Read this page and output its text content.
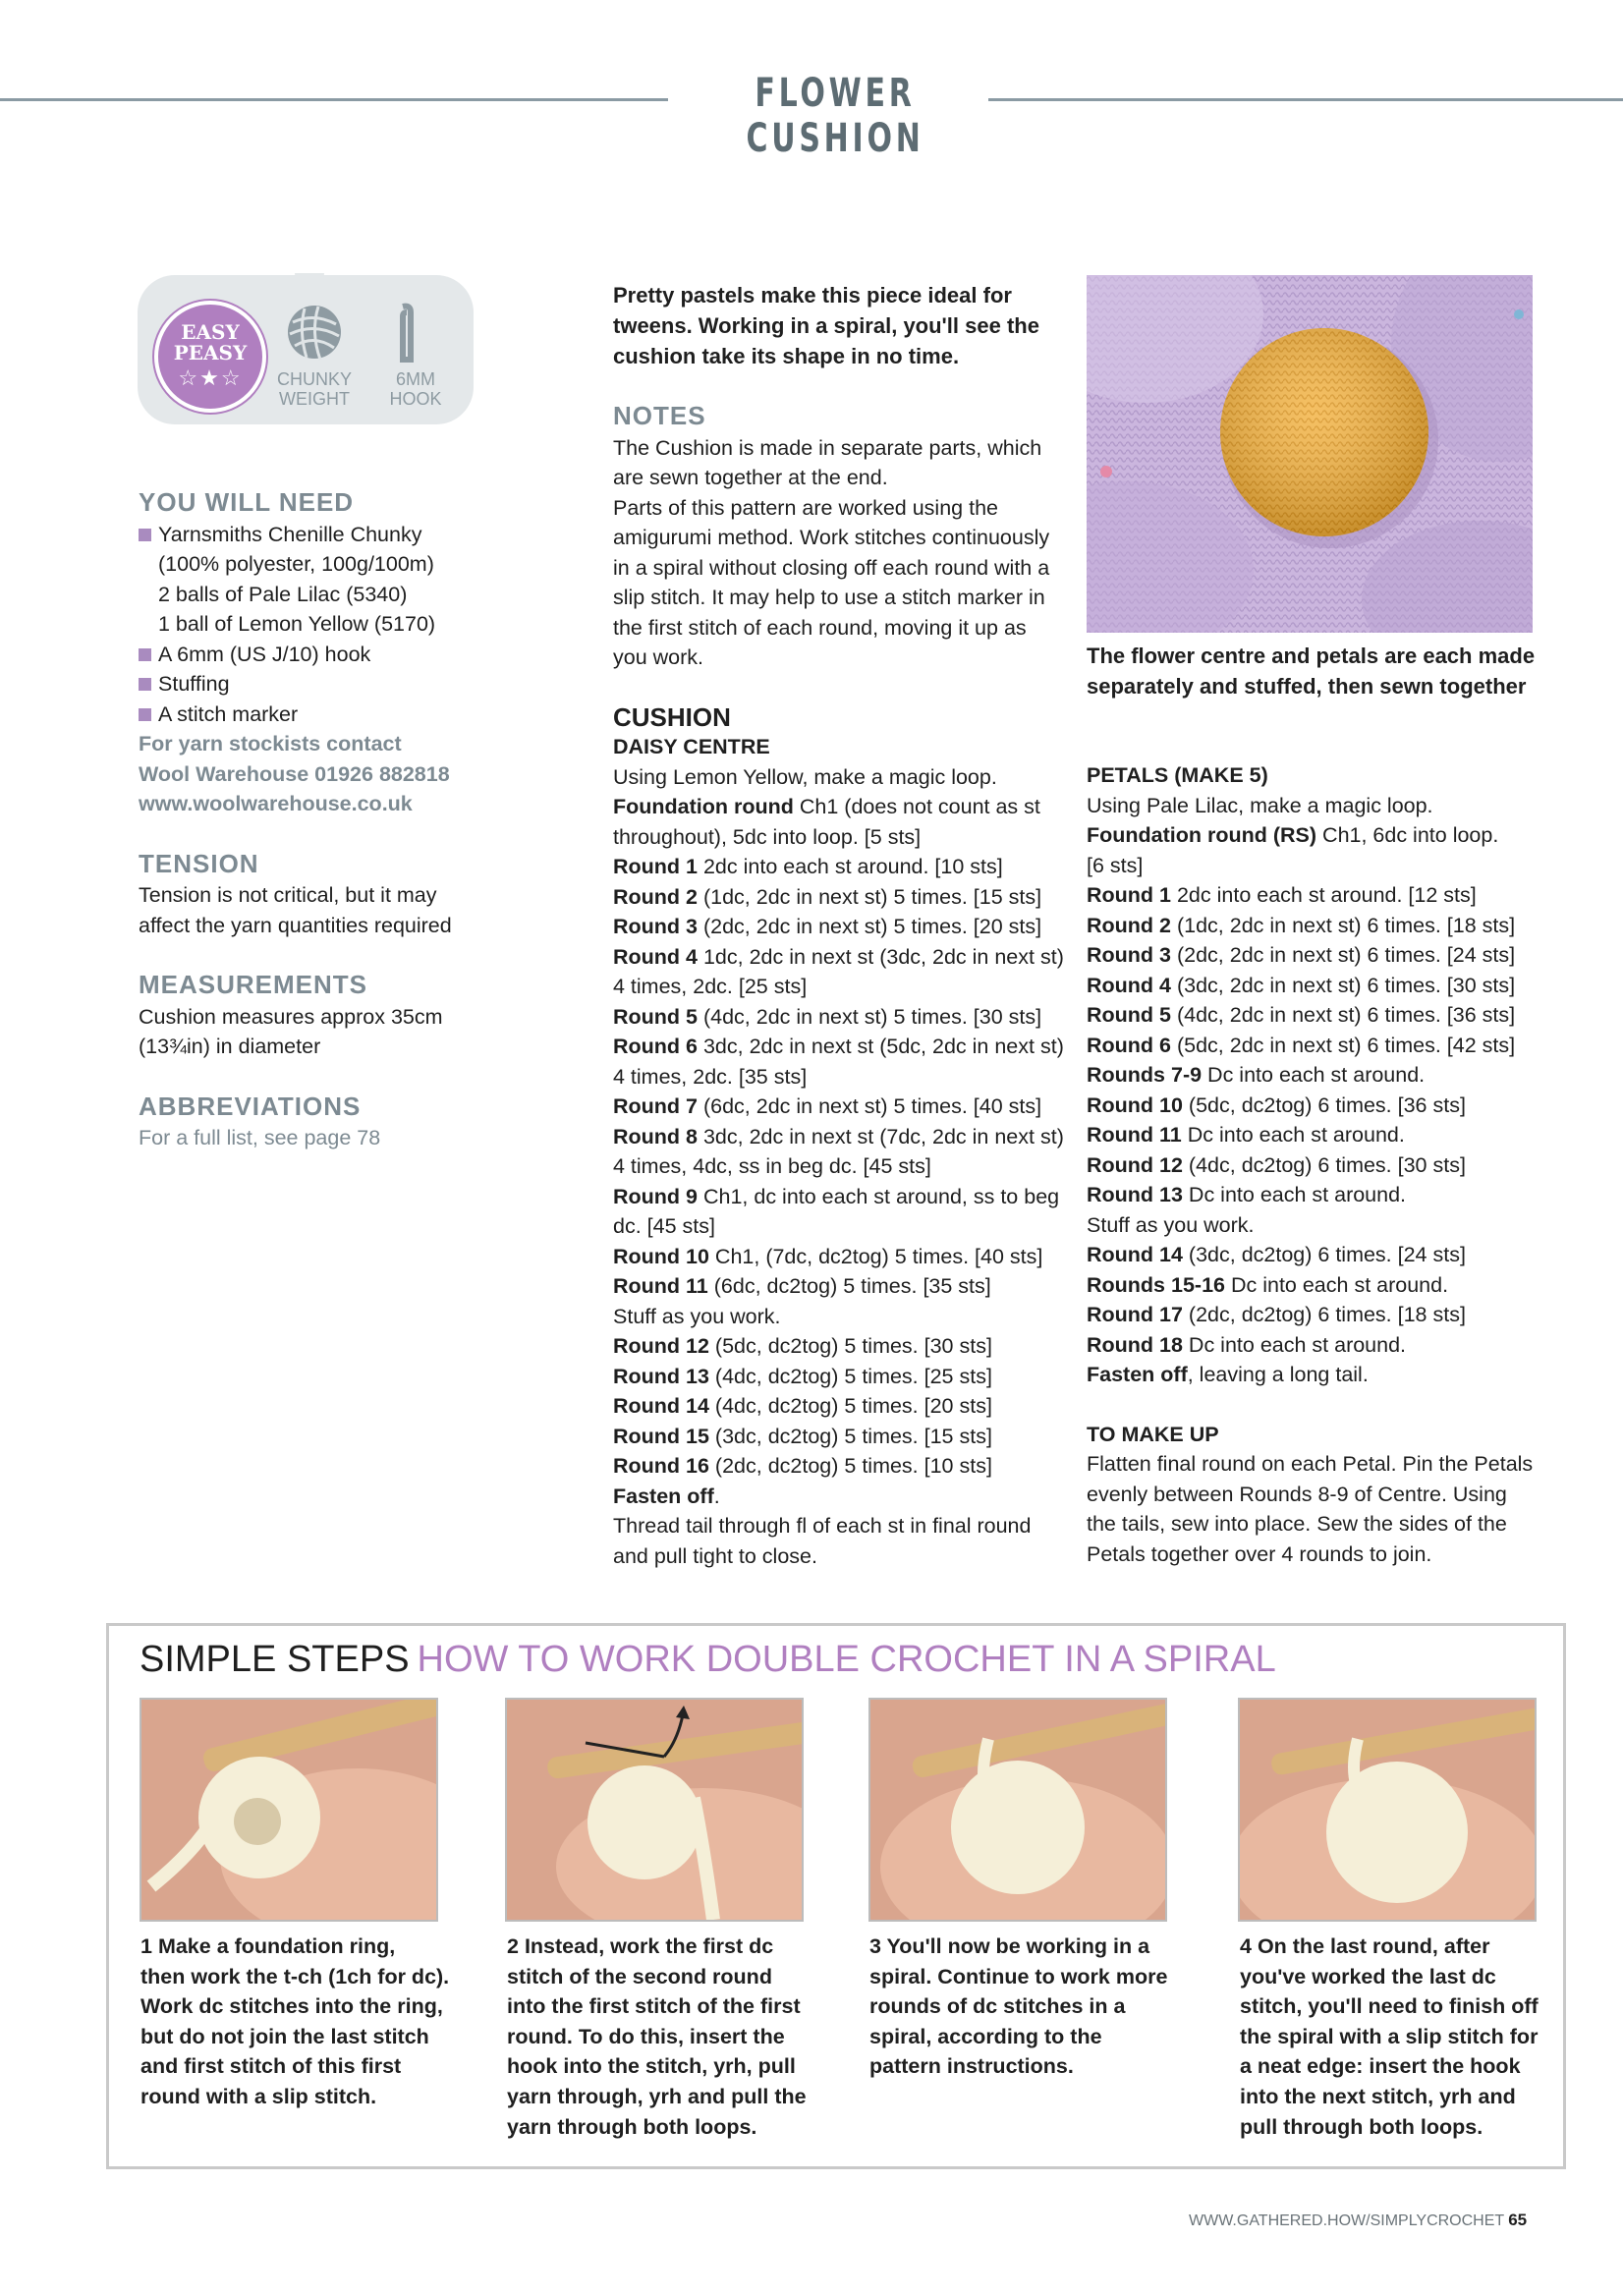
FLOWER CUSHION
EASY PEASY
☆★☆	CHUNKY WEIGHT
6MM HOOK

YOU WILL NEED

Yarnsmiths Chenille Chunky

(100% polyester, 100g/100m)

2 balls of Pale Lilac (5340)

1 ball of Lemon Yellow (5170)

A 6mm (US J/10) hook

Stuffing

A stitch marker

For yarn stockists contact

Wool Warehouse 01926 882818

www.woolwarehouse.co.uk

TENSION

Tension is not critical, but it may

affect the yarn quantities required

MEASUREMENTS

Cushion measures approx 35cm

(13¾in) in diameter

ABBREVIATIONS

For a full list, see page 78

Pretty pastels make this piece ideal for

tweens. Working in a spiral, you'll see the

cushion take its shape in no time.

NOTES

The Cushion is made in separate parts, which

are sewn together at the end.

Parts of this pattern are worked using the

amigurumi method. Work stitches continuously

in a spiral without closing off each round with a

slip stitch. It may help to use a stitch marker in

the first stitch of each round, moving it up as

you work.

CUSHION

DAISY CENTRE

Using Lemon Yellow, make a magic loop.

Foundation round Ch1 (does not count as st

throughout), 5dc into loop. [5 sts]

Round 1 2dc into each st around. [10 sts]

Round 2 (1dc, 2dc in next st) 5 times. [15 sts]

Round 3 (2dc, 2dc in next st) 5 times. [20 sts]

Round 4 1dc, 2dc in next st (3dc, 2dc in next st)

4 times, 2dc. [25 sts]

Round 5 (4dc, 2dc in next st) 5 times. [30 sts]

Round 6 3dc, 2dc in next st (5dc, 2dc in next st)

4 times, 2dc. [35 sts]

Round 7 (6dc, 2dc in next st) 5 times. [40 sts]

Round 8 3dc, 2dc in next st (7dc, 2dc in next st)

4 times, 4dc, ss in beg dc. [45 sts]

Round 9 Ch1, dc into each st around, ss to beg

dc. [45 sts]

Round 10 Ch1, (7dc, dc2tog) 5 times. [40 sts]

Round 11 (6dc, dc2tog) 5 times. [35 sts]

Stuff as you work.

Round 12 (5dc, dc2tog) 5 times. [30 sts]

Round 13 (4dc, dc2tog) 5 times. [25 sts]

Round 14 (4dc, dc2tog) 5 times. [20 sts]

Round 15 (3dc, dc2tog) 5 times. [15 sts]

Round 16 (2dc, dc2tog) 5 times. [10 sts]

Fasten off.

Thread tail through fl of each st in final round

and pull tight to close.

The flower centre and petals are each made

separately and stuffed, then sewn together

PETALS (MAKE 5)

Using Pale Lilac, make a magic loop.

Foundation round (RS) Ch1, 6dc into loop.

[6 sts]

Round 1 2dc into each st around. [12 sts]

Round 2 (1dc, 2dc in next st) 6 times. [18 sts]

Round 3 (2dc, 2dc in next st) 6 times. [24 sts]

Round 4 (3dc, 2dc in next st) 6 times. [30 sts]

Round 5 (4dc, 2dc in next st) 6 times. [36 sts]

Round 6 (5dc, 2dc in next st) 6 times. [42 sts]

Rounds 7-9 Dc into each st around.

Round 10 (5dc, dc2tog) 6 times. [36 sts]

Round 11 Dc into each st around.

Round 12 (4dc, dc2tog) 6 times. [30 sts]

Round 13 Dc into each st around.

Stuff as you work.

Round 14 (3dc, dc2tog) 6 times. [24 sts]

Rounds 15-16 Dc into each st around.

Round 17 (2dc, dc2tog) 6 times. [18 sts]

Round 18 Dc into each st around.

Fasten off, leaving a long tail.

TO MAKE UP

Flatten final round on each Petal. Pin the Petals

evenly between Rounds 8-9 of Centre. Using

the tails, sew into place. Sew the sides of the

Petals together over 4 rounds to join.

SIMPLE STEPS HOW TO WORK DOUBLE CROCHET IN A SPIRAL
1 Make a foundation ring,
then work the t-ch (1ch for dc).
Work dc stitches into the ring,
but do not join the last stitch
and first stitch of this first
round with a slip stitch.
2 Instead, work the first dc
stitch of the second round
into the first stitch of the first
round. To do this, insert the
hook into the stitch, yrh, pull
yarn through, yrh and pull the
yarn through both loops.
3 You'll now be working in a
spiral. Continue to work more
rounds of dc stitches in a
spiral, according to the
pattern instructions.
4 On the last round, after
you've worked the last dc
stitch, you'll need to finish off
the spiral with a slip stitch for
a neat edge: insert the hook
into the next stitch, yrh and
pull through both loops.
WWW.GATHERED.HOW/SIMPLYCROCHET 65
